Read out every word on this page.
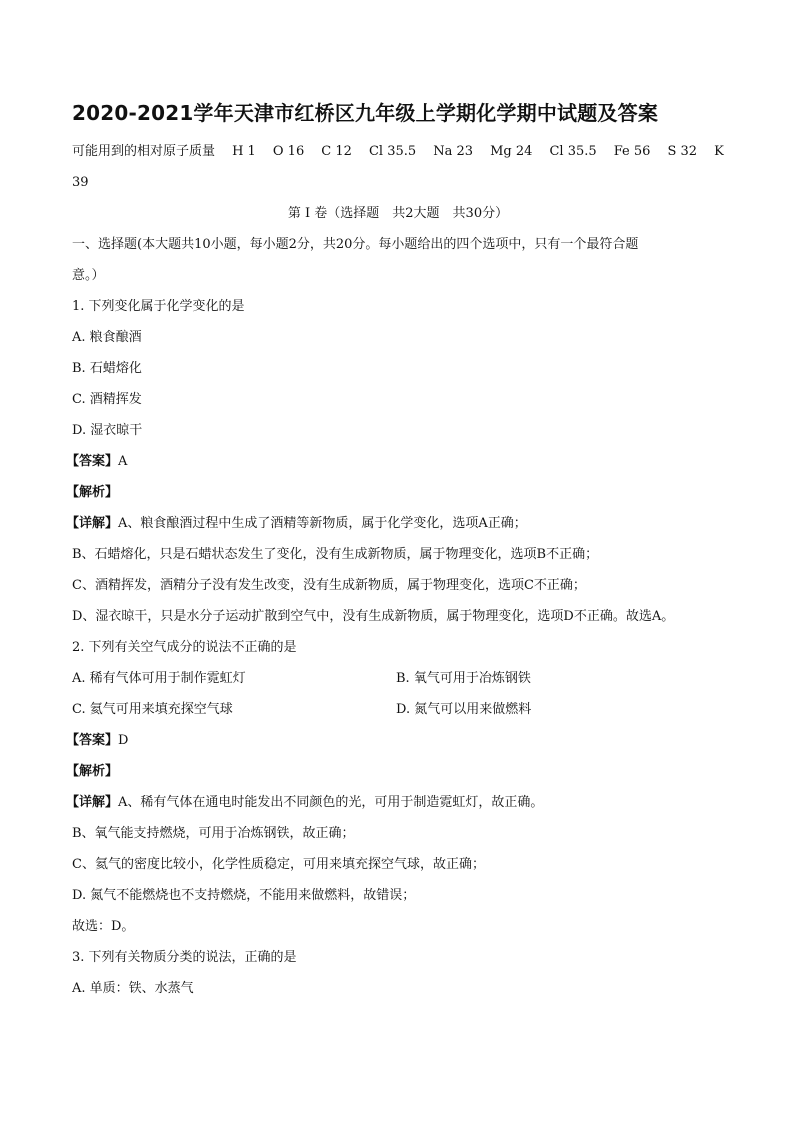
2020-2021学年天津市红桥区九年级上学期化学期中试题及答案
可能用到的相对原子质量 H 1 O 16 C 12 Cl 35.5 Na 23 Mg 24 Cl 35.5 Fe 56 S 32 K
39
第 Ⅰ 卷（选择题　共2大题　共30分）
一、选择题(本大题共10小题，每小题2分，共20分。每小题给出的四个选项中，只有一个最符合题
意。）
1. 下列变化属于化学变化的是
A. 粮食酿酒
B. 石蜡熔化
C. 酒精挥发
D. 湿衣晾干
【答案】A
【解析】
【详解】A、粮食酿酒过程中生成了酒精等新物质，属于化学变化，选项A正确；
B、石蜡熔化，只是石蜡状态发生了变化，没有生成新物质，属于物理变化，选项B不正确；
C、酒精挥发，酒精分子没有发生改变，没有生成新物质，属于物理变化，选项C不正确；
D、湿衣晾干，只是水分子运动扩散到空气中，没有生成新物质，属于物理变化，选项D不正确。故选A。
2. 下列有关空气成分的说法不正确的是
A. 稀有气体可用于制作霓虹灯	B. 氧气可用于冶炼钢铁
C. 氦气可用来填充探空气球	D. 氮气可以用来做燃料
【答案】D
【解析】
【详解】A、稀有气体在通电时能发出不同颜色的光，可用于制造霓虹灯，故正确。
B、氧气能支持燃烧，可用于冶炼钢铁，故正确；
C、氦气的密度比较小，化学性质稳定，可用来填充探空气球，故正确；
D. 氮气不能燃烧也不支持燃烧，不能用来做燃料，故错误；
故选：D。
3. 下列有关物质分类的说法，正确的是
A. 单质：铁、水蒸气
